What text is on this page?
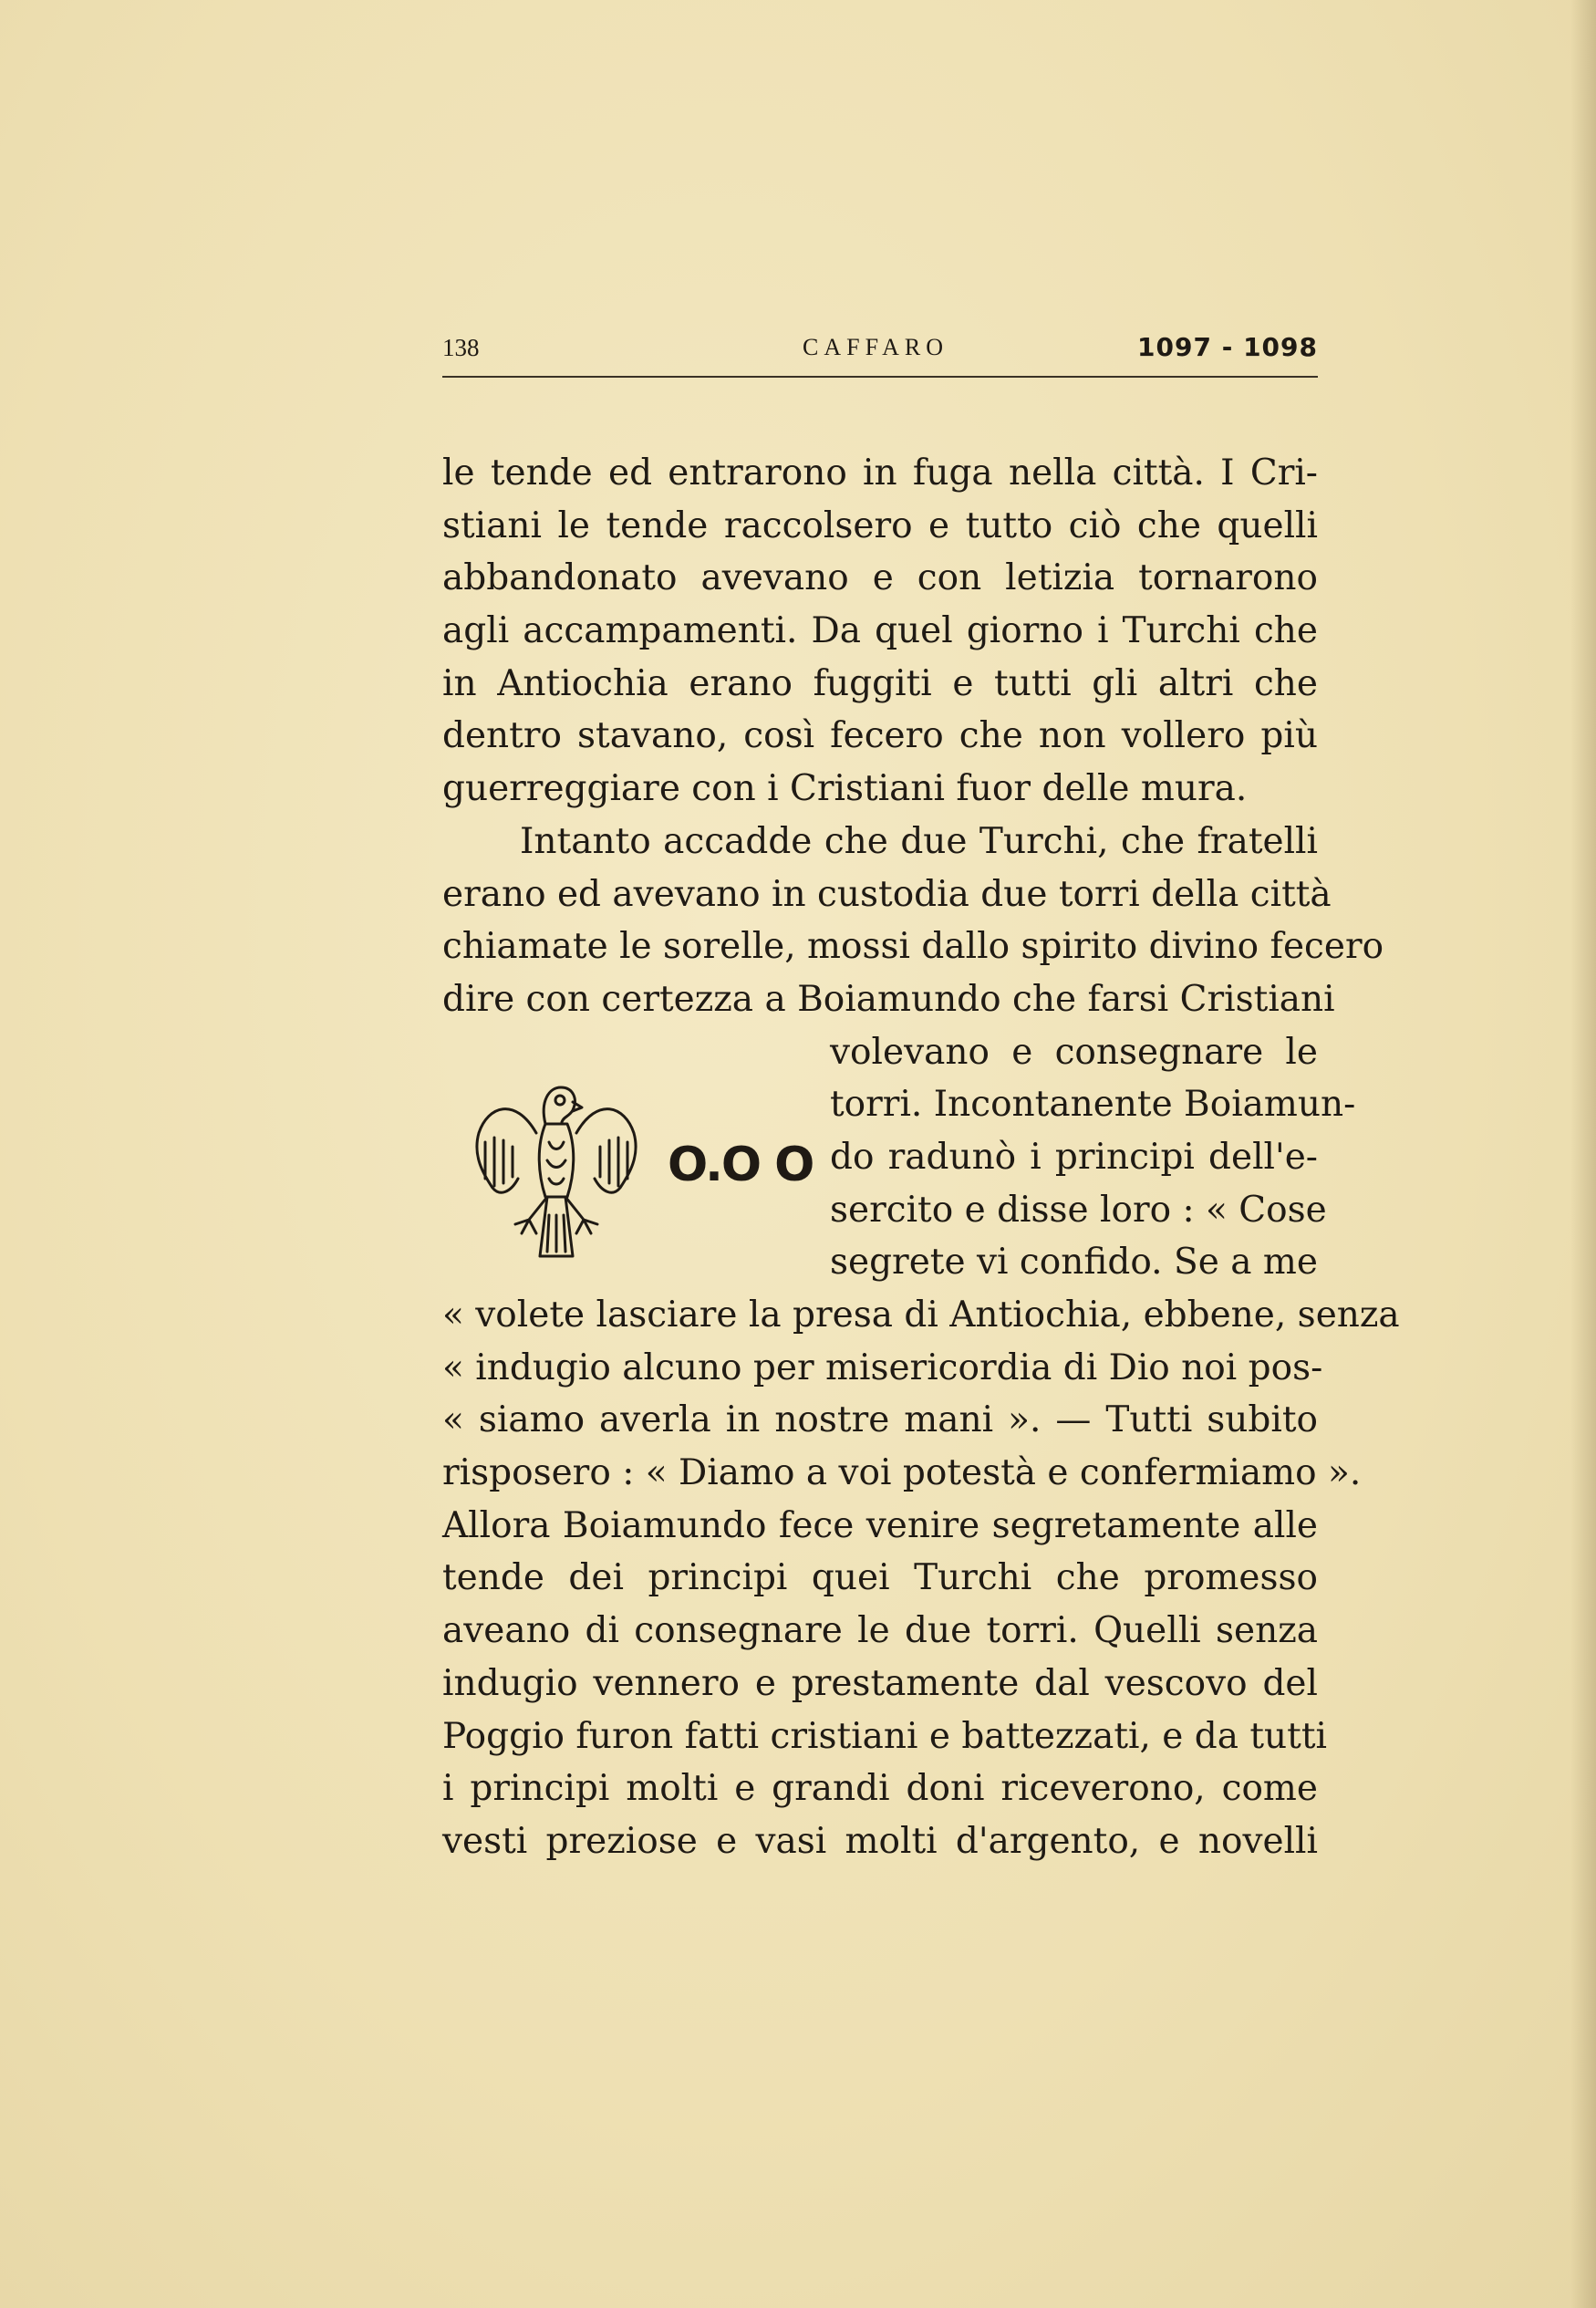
138	CAFFARO	1097 - 1098
O.O O
le tende ed entrarono in fuga nella città. I Cri-
stiani le tende raccolsero e tutto ciò che quelli
abbandonato avevano e con letizia tornarono
agli accampamenti. Da quel giorno i Turchi che
in Antiochia erano fuggiti e tutti gli altri che
dentro stavano, così fecero che non vollero più
guerreggiare con i Cristiani fuor delle mura.
Intanto accadde che due Turchi, che fratelli
erano ed avevano in custodia due torri della città
chiamate le sorelle, mossi dallo spirito divino fecero
dire con certezza a Boiamundo che farsi Cristiani
volevano e consegnare le
torri. Incontanente Boiamun-
do radunò i principi dell'e-
sercito e disse loro : « Cose
segrete vi confido. Se a me
« volete lasciare la presa di Antiochia, ebbene, senza
« indugio alcuno per misericordia di Dio noi pos-
« siamo averla in nostre mani ». — Tutti subito
risposero : « Diamo a voi potestà e confermiamo ».
Allora Boiamundo fece venire segretamente alle
tende dei principi quei Turchi che promesso
aveano di consegnare le due torri. Quelli senza
indugio vennero e prestamente dal vescovo del
Poggio furon fatti cristiani e battezzati, e da tutti
i principi molti e grandi doni riceverono, come
vesti preziose e vasi molti d'argento, e novelli
